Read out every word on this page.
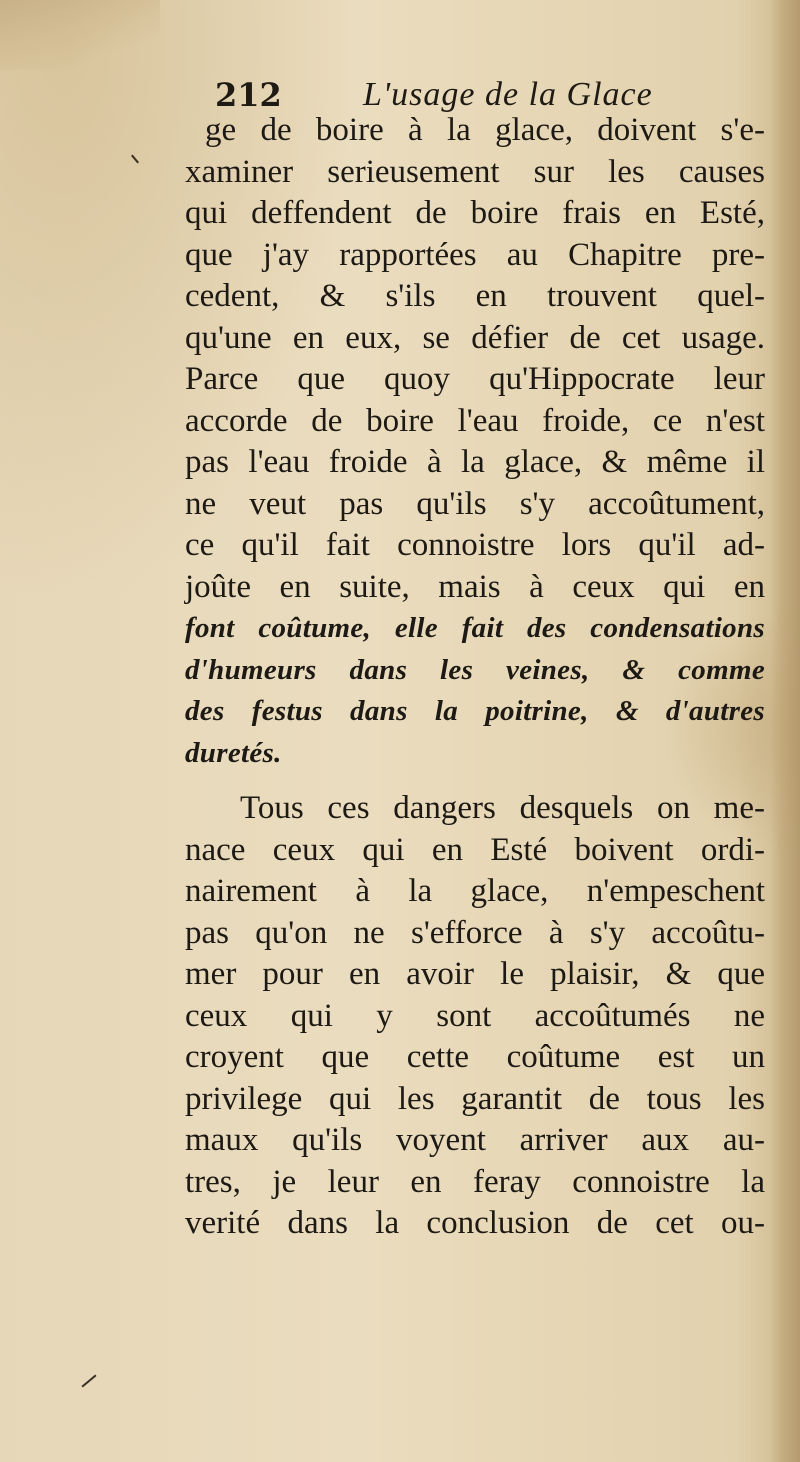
212 L'usage de la Glace
ge de boire à la glace, doivent s'e-
xaminer serieusement sur les causes
qui deffendent de boire frais en Esté,
que j'ay rapportées au Chapitre pre-
cedent, & s'ils en trouvent quel-
qu'une en eux, se défier de cet usage.
Parce que quoy qu'Hippocrate leur
accorde de boire l'eau froide, ce n'est
pas l'eau froide à la glace, & même il
ne veut pas qu'ils s'y accoûtument,
ce qu'il fait connoistre lors qu'il ad-
joûte en suite, mais à ceux qui en
font coûtume, elle fait des condensations
d'humeurs dans les veines, & comme
des festus dans la poitrine, & d'autres
duretés.
Tous ces dangers desquels on me-
nace ceux qui en Esté boivent ordi-
nairement à la glace, n'empeschent
pas qu'on ne s'efforce à s'y accoûtu-
mer pour en avoir le plaisir, & que
ceux qui y sont accoûtumés ne
croyent que cette coûtume est un
privilege qui les garantit de tous les
maux qu'ils voyent arriver aux au-
tres, je leur en feray connoistre la
verité dans la conclusion de cet ou-
